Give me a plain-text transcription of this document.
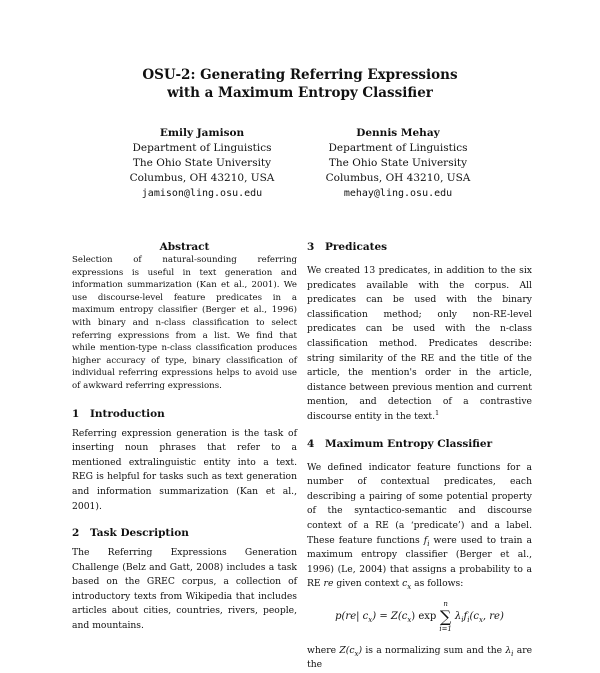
OSU-2: Generating Referring Expressions
with a Maximum Entropy Classifier
Emily Jamison
Department of Linguistics
The Ohio State University
Columbus, OH 43210, USA
jamison@ling.osu.edu
Dennis Mehay
Department of Linguistics
The Ohio State University
Columbus, OH 43210, USA
mehay@ling.osu.edu
Abstract

Selection of natural-sounding referring expressions is useful in text generation and information summarization (Kan et al., 2001). We use discourse-level feature predicates in a maximum entropy classifier (Berger et al., 1996) with binary and n-class classification to select referring expressions from a list. We find that while mention-type n-class classification produces higher accuracy of type, binary classification of individual referring expressions helps to avoid use of awkward referring expressions.

1 Introduction

Referring expression generation is the task of inserting noun phrases that refer to a mentioned extralinguistic entity into a text. REG is helpful for tasks such as text generation and information summarization (Kan et al., 2001).

2 Task Description

The Referring Expressions Generation Challenge (Belz and Gatt, 2008) includes a task based on the GREC corpus, a collection of introductory texts from Wikipedia that includes articles about cities, countries, rivers, people, and mountains.

3 Predicates

We created 13 predicates, in addition to the six predicates available with the corpus. All predicates can be used with the binary classification method; only non-RE-level predicates can be used with the n-class classification method. Predicates describe: string similarity of the RE and the title of the article, the mention's order in the article, distance between previous mention and current mention, and detection of a contrastive discourse entity in the text.$^1$

4 Maximum Entropy Classifier

We defined indicator feature functions for a number of contextual predicates, each describing a pairing of some potential property of the syntactico-semantic and discourse context of a RE (a ‘predicate’) and a label. These feature functions $f_i$ were used to train a maximum entropy classifier (Berger et al., 1996) (Le, 2004) that assigns a probability to a RE re given context $c_x$ as follows:

p(re| $c_x) = Z(c_x)$ exp
n
∑
i=1
$\lambda_if_i(c_x$, re)

where $Z(c_x)$ is a normalizing sum and the $\lambda_i$ are the
